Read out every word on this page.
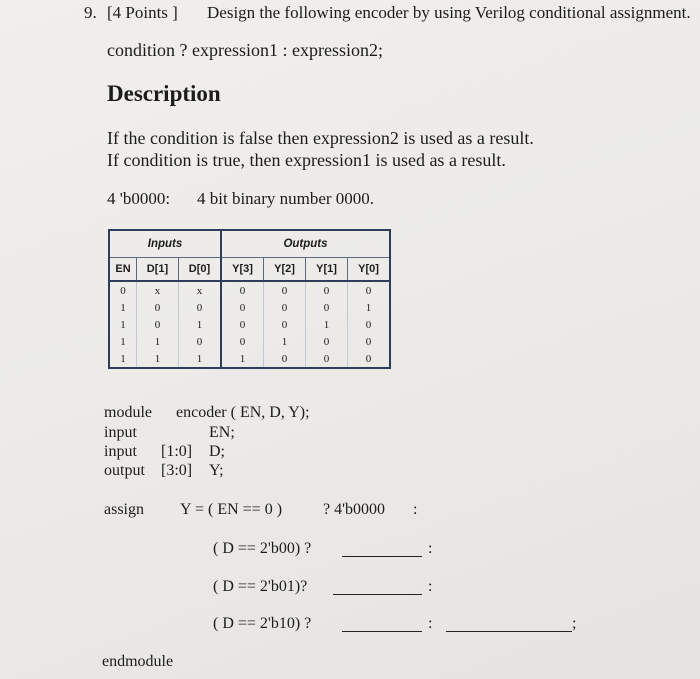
9. [4 Points ] Design the following encoder by using Verilog conditional assignment.
condition ? expression1 : expression2;
Description
If the condition is false then expression2 is used as a result.
If condition is true, then expression1 is used as a result.
4 'b0000: 4 bit binary number 0000.
Inputs			Outputs			
EN	D[1]	D[0]	Y[3]	Y[2]	Y[1]	Y[0]
0	x	x	0	0	0	0
1	0	0	0	0	0	1
1	0	1	0	0	1	0
1	1	0	0	1	0	0
1	1	1	1	0	0	0
module encoder ( EN, D, Y);
input	EN;
input [1:0] D;
output [3:0] Y;
assign Y = ( EN == 0 )	? 4'b0000 :
( D == 2'b00) ?	:
( D == 2'b01)?	:
( D == 2'b10) ?	:	;
endmodule
